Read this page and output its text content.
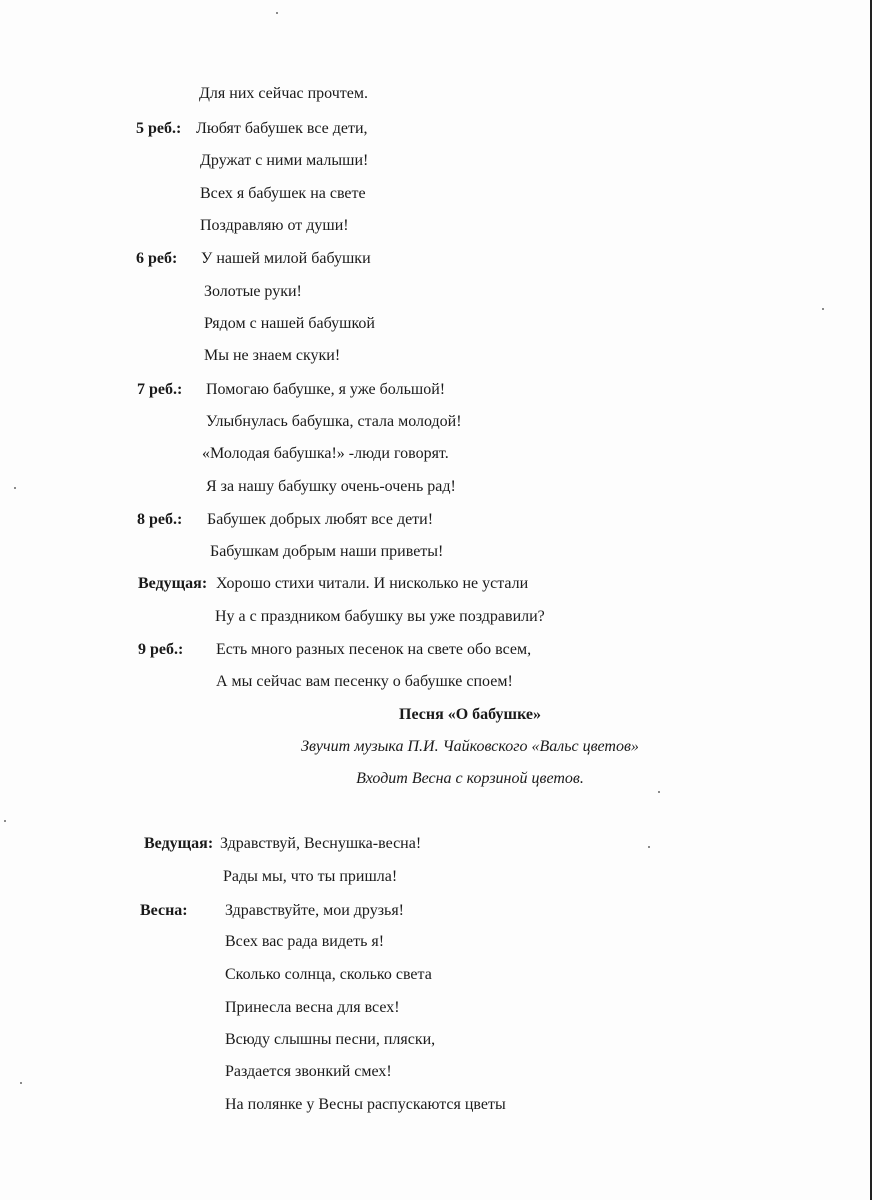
Для них сейчас прочтем.
5 реб.: Любят бабушек все дети,
Дружат с ними малыши!
Всех я бабушек на свете
Поздравляю от души!
6 реб: У нашей милой бабушки
Золотые руки!
Рядом с нашей бабушкой
Мы не знаем скуки!
7 реб.: Помогаю бабушке, я уже большой!
Улыбнулась бабушка, стала молодой!
«Молодая бабушка!» -люди говорят.
Я за нашу бабушку очень-очень рад!
8 реб.: Бабушек добрых любят все дети!
Бабушкам добрым наши приветы!
Ведущая: Хорошо стихи читали. И нисколько не устали
Ну а с праздником бабушку вы уже поздравили?
9 реб.: Есть много разных песенок на свете обо всем,
А мы сейчас вам песенку о бабушке споем!
Песня «О бабушке»
Звучит музыка П.И. Чайковского «Вальс цветов»
Входит Весна с корзиной цветов.
Ведущая: Здравствуй, Веснушка-весна!
Рады мы, что ты пришла!
Весна: Здравствуйте, мои друзья!
Всех вас рада видеть я!
Сколько солнца, сколько света
Принесла весна для всех!
Всюду слышны песни, пляски,
Раздается звонкий смех!
На полянке у Весны распускаются цветы
